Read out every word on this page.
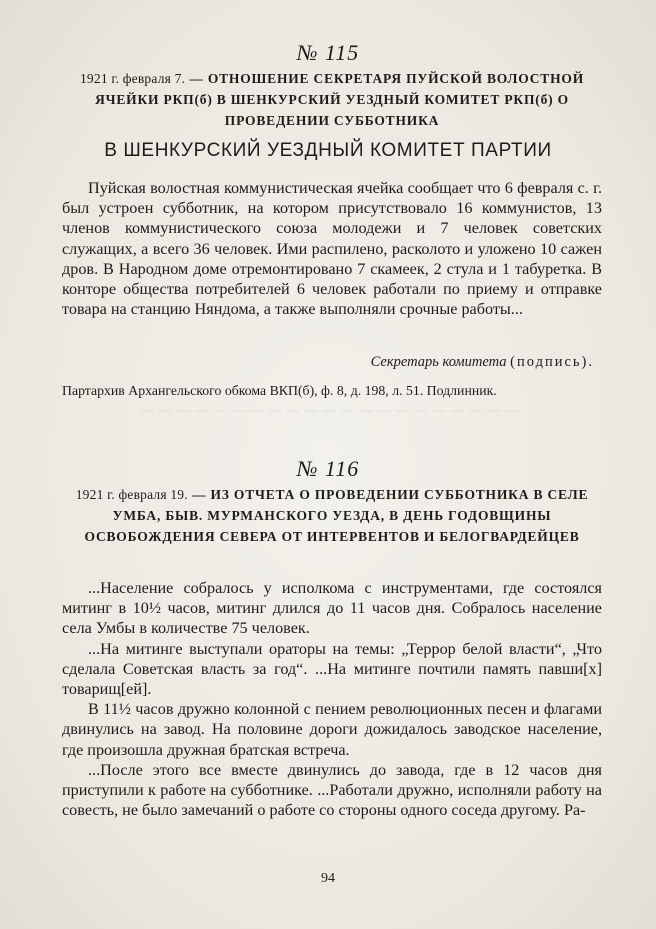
— — — — — — — — — — — — — — — — — — — — —
№ 115
1921 г. февраля 7. — ОТНОШЕНИЕ СЕКРЕТАРЯ ПУЙСКОЙ ВОЛОСТНОЙ ЯЧЕЙКИ РКП(б) В ШЕНКУРСКИЙ УЕЗДНЫЙ КОМИТЕТ РКП(б) О ПРОВЕДЕНИИ СУББОТНИКА
В ШЕНКУРСКИЙ УЕЗДНЫЙ КОМИТЕТ ПАРТИИ

Пуйская волостная коммунистическая ячейка сообщает что 6 февраля с. г. был устроен субботник, на котором присутствовало 16 коммунистов, 13 членов коммунистического союза молодежи и 7 человек советских служащих, а всего 36 человек. Ими распилено, расколото и уложено 10 сажен дров. В Народном доме отремонтировано 7 скамеек, 2 стула и 1 табуретка. В конторе общества потребителей 6 человек работали по приему и отправке товара на станцию Няндома, а также выполняли срочные работы...

Секретарь комитета (подпись).
Партархив Архангельского обкома ВКП(б), ф. 8, д. 198, л. 51. Подлинник.
№ 116
1921 г. февраля 19. — ИЗ ОТЧЕТА О ПРОВЕДЕНИИ СУББОТНИКА В СЕЛЕ УМБА, БЫВ. МУРМАНСКОГО УЕЗДА, В ДЕНЬ ГОДОВЩИНЫ ОСВОБОЖДЕНИЯ СЕВЕРА ОТ ИНТЕРВЕНТОВ И БЕЛОГВАРДЕЙЦЕВ

...Население собралось у исполкома с инструментами, где состоялся митинг в 10½ часов, митинг длился до 11 часов дня. Собралось население села Умбы в количестве 75 человек.

...На митинге выступали ораторы на темы: „Террор белой власти“, „Что сделала Советская власть за год“. ...На митинге почтили память павши[х] товарищ[ей].

В 11½ часов дружно колонной с пением революционных песен и флагами двинулись на завод. На половине дороги дожидалось заводское население, где произошла дружная братская встреча.

...После этого все вместе двинулись до завода, где в 12 часов дня приступили к работе на субботнике. ...Работали дружно, исполняли работу на совесть, не было замечаний о работе со стороны одного соседа другому. Ра-

94
